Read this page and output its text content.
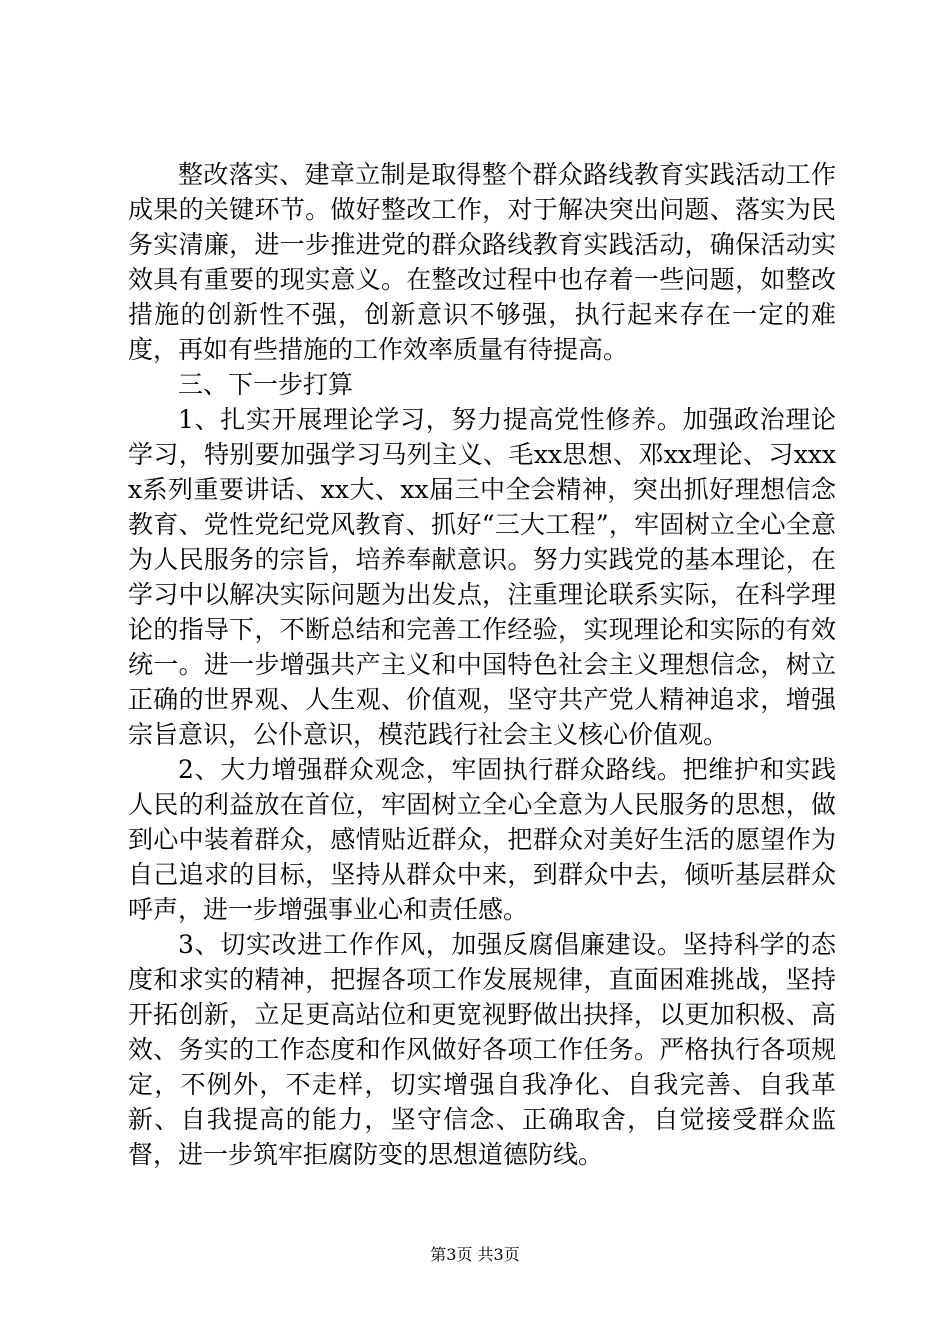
整改落实、建章立制是取得整个群众路线教育实践活动工作成果的关键环节。做好整改工作，对于解决突出问题、落实为民务实清廉，进一步推进党的群众路线教育实践活动，确保活动实效具有重要的现实意义。在整改过程中也存着一些问题，如整改措施的创新性不强，创新意识不够强，执行起来存在一定的难度，再如有些措施的工作效率质量有待提高。

三、下一步打算

1、扎实开展理论学习，努力提高党性修养。加强政治理论学习，特别要加强学习马列主义、毛xx思想、邓xx理论、习xxxx系列重要讲话、xx大、xx届三中全会精神，突出抓好理想信念教育、党性党纪党风教育、抓好“三大工程”，牢固树立全心全意为人民服务的宗旨，培养奉献意识。努力实践党的基本理论，在学习中以解决实际问题为出发点，注重理论联系实际，在科学理论的指导下，不断总结和完善工作经验，实现理论和实际的有效统一。进一步增强共产主义和中国特色社会主义理想信念，树立正确的世界观、人生观、价值观，坚守共产党人精神追求，增强宗旨意识，公仆意识，模范践行社会主义核心价值观。

2、大力增强群众观念，牢固执行群众路线。把维护和实践人民的利益放在首位，牢固树立全心全意为人民服务的思想，做到心中装着群众，感情贴近群众，把群众对美好生活的愿望作为自己追求的目标，坚持从群众中来，到群众中去，倾听基层群众呼声，进一步增强事业心和责任感。

3、切实改进工作作风，加强反腐倡廉建设。坚持科学的态度和求实的精神，把握各项工作发展规律，直面困难挑战，坚持开拓创新，立足更高站位和更宽视野做出抉择，以更加积极、高效、务实的工作态度和作风做好各项工作任务。严格执行各项规定，不例外，不走样，切实增强自我净化、自我完善、自我革新、自我提高的能力，坚守信念、正确取舍，自觉接受群众监督，进一步筑牢拒腐防变的思想道德防线。

第3页 共3页
